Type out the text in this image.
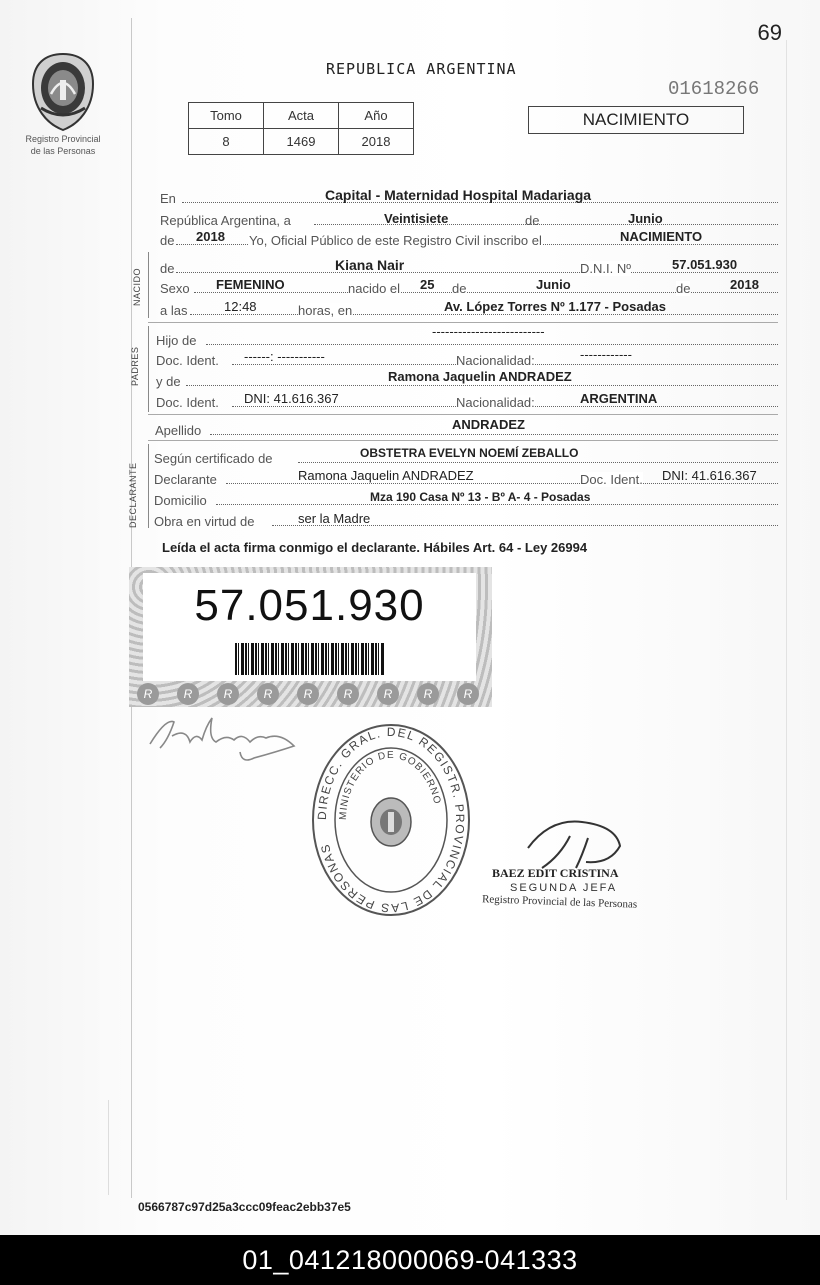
69
Registro Provincial
de las Personas
REPUBLICA ARGENTINA
01618266
NACIMIENTO
Tomo	Acta	Año
8	1469	2018
En	Capital - Maternidad Hospital Madariaga
República Argentina, a	Veintisiete	de	Junio
de 2018 Yo, Oficial Público de este Registro Civil inscribo el	NACIMIENTO
NACIDO de	Kiana Nair	D.N.I. Nº	57.051.930
Sexo FEMENINO	nacido el 25 de	Junio	de	2018
a las	12:48	horas, en	Av. López Torres Nº 1.177 - Posadas
PADRES
Hijo de
--------------------------
Doc. Ident. ------: -----------	Nacionalidad:	------------
y de	Ramona Jaquelin ANDRADEZ
Doc. Ident. DNI: 41.616.367	Nacionalidad:	ARGENTINA
Apellido	ANDRADEZ
DECLARANTE
Según certificado de	OBSTETRA EVELYN NOEMÍ ZEBALLO
Declarante	Ramona Jaquelin ANDRADEZ	Doc. Ident. DNI: 41.616.367
Domicilio	Mza 190 Casa Nº 13 - Bº A- 4 - Posadas
Obra en virtud de	ser la Madre
Leída el acta firma conmigo el declarante. Hábiles Art. 64 - Ley 26994
57.051.930
R	R	R	R	R	R	R	R	R
DIRECC. GRAL. DEL REGISTR. PROVINCIAL DE LAS PERSONAS
MINISTERIO DE GOBIERNO
BAEZ EDIT CRISTINA
SEGUNDA JEFA
Registro Provincial de las Personas
0566787c97d25a3ccc09feac2ebb37e5
01_041218000069-041333
